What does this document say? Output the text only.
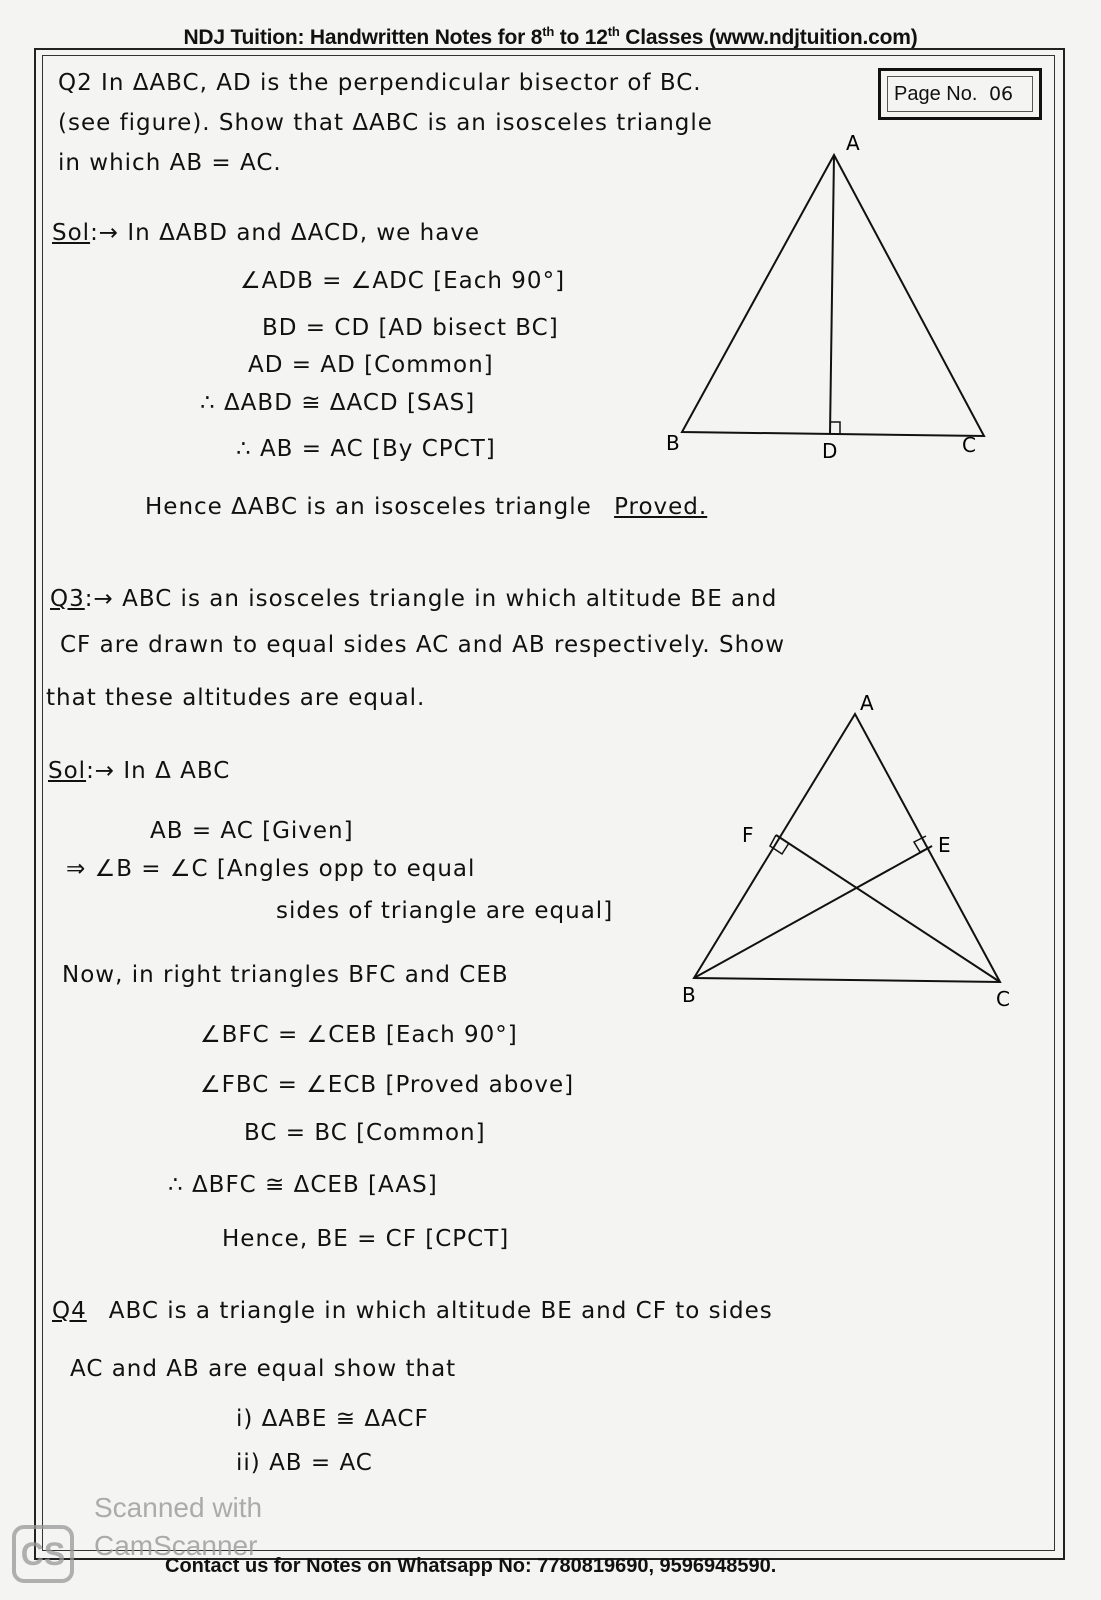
NDJ Tuition: Handwritten Notes for 8th to 12th Classes (www.ndjtuition.com)
Page No. 06
Q2 In ΔABC, AD is the perpendicular bisector of BC.
(see figure). Show that ΔABC is an isosceles triangle
in which AB = AC.
Sol:→ In ΔABD and ΔACD, we have
∠ADB = ∠ADC [Each 90°]
BD = CD [AD bisect BC]
AD = AD [Common]
∴ ΔABD ≅ ΔACD [SAS]
∴ AB = AC [By CPCT]
Hence ΔABC is an isosceles triangle Proved.
A
B	D	C
Q3:→ ABC is an isosceles triangle in which altitude BE and
CF are drawn to equal sides AC and AB respectively. Show
that these altitudes are equal.
Sol:→ In Δ ABC
AB = AC [Given]
⇒ ∠B = ∠C [Angles opp to equal
sides of triangle are equal]
Now, in right triangles BFC and CEB
∠BFC = ∠CEB [Each 90°]
∠FBC = ∠ECB [Proved above]
BC = BC [Common]
∴ ΔBFC ≅ ΔCEB [AAS]
Hence, BE = CF [CPCT]
A
F	E
B	C
Q4 ABC is a triangle in which altitude BE and CF to sides
AC and AB are equal show that
i) ΔABE ≅ ΔACF
ii) AB = AC
CS
Scanned with
CamScanner
Contact us for Notes on Whatsapp No: 7780819690, 9596948590.
